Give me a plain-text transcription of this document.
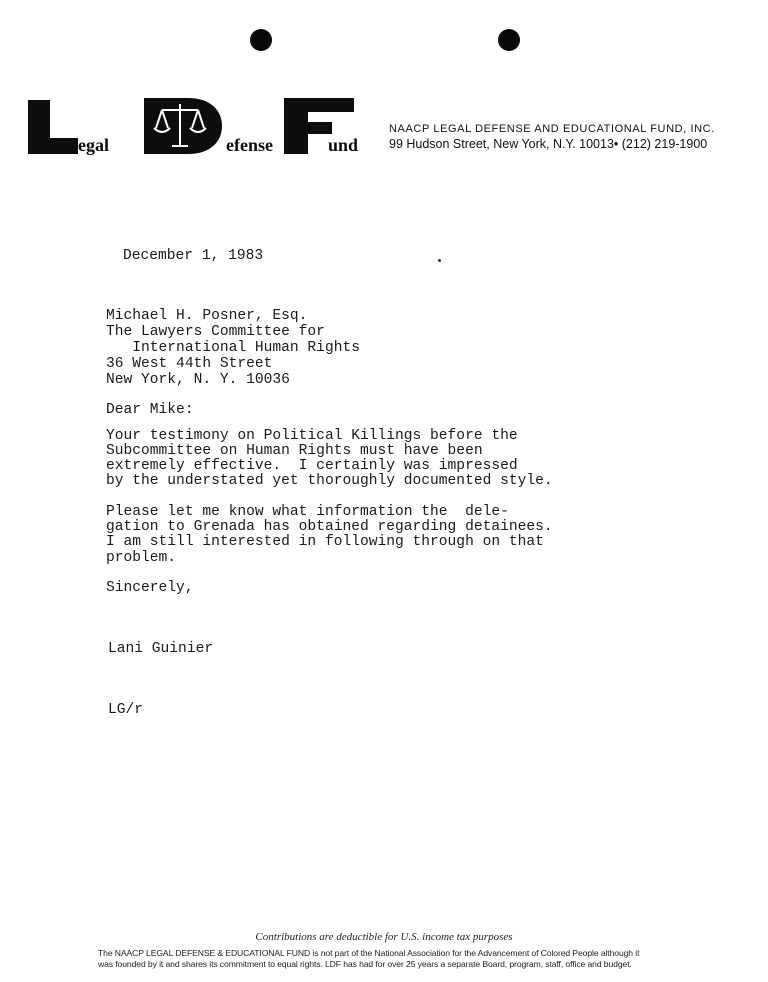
egal	efense	und
NAACP LEGAL DEFENSE AND EDUCATIONAL FUND, INC.
99 Hudson Street, New York, N.Y. 10013• (212) 219-1900
December 1, 1983
Michael H. Posner, Esq.
The Lawyers Committee for
International Human Rights
36 West 44th Street
New York, N. Y. 10036
Dear Mike:
Your testimony on Political Killings before the
Subcommittee on Human Rights must have been
extremely effective.  I certainly was impressed
by the understated yet thoroughly documented style.
Please let me know what information the  dele-
gation to Grenada has obtained regarding detainees.
I am still interested in following through on that
problem.
Sincerely,
Lani Guinier
LG/r
Contributions are deductible for U.S. income tax purposes
The NAACP LEGAL DEFENSE & EDUCATIONAL FUND is not part of the National Association for the Advancement of Colored People although it
was founded by it and shares its commitment to equal rights. LDF has had for over 25 years a separate Board, program, staff, office and budget.
